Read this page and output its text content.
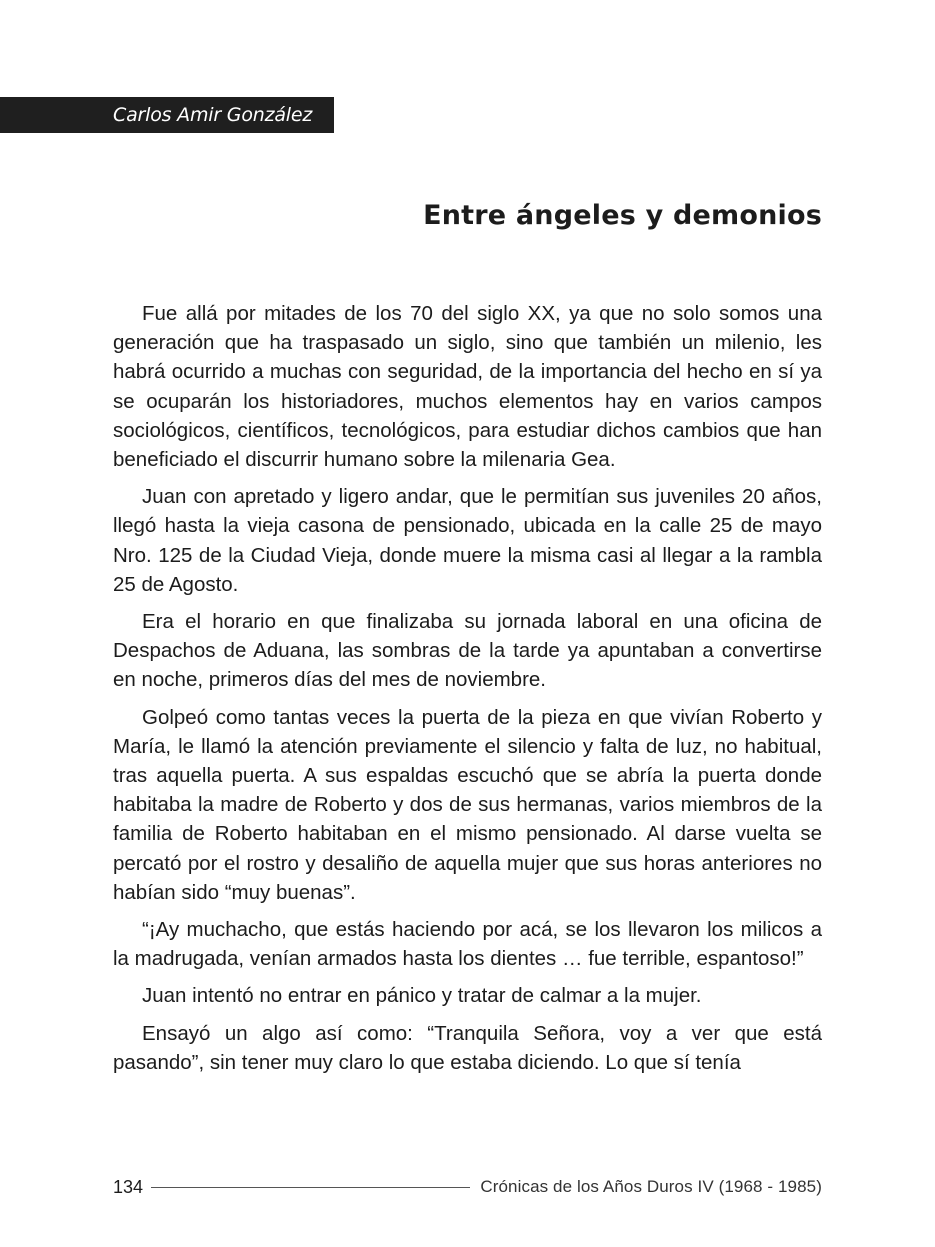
Carlos Amir González
Entre ángeles y demonios

Fue allá por mitades de los 70 del siglo XX, ya que no solo somos una generación que ha traspasado un siglo, sino que también un milenio, les habrá ocurrido a muchas con seguridad, de la importancia del hecho en sí ya se ocuparán los historiadores, muchos elementos hay en varios campos sociológicos, científicos, tecnológicos, para estudiar dichos cambios que han beneficiado el discurrir humano sobre la milenaria Gea.

Juan con apretado y ligero andar, que le permitían sus juveniles 20 años, llegó hasta la vieja casona de pensionado, ubicada en la calle 25 de mayo Nro. 125 de la Ciudad Vieja, donde muere la misma casi al llegar a la rambla 25 de Agosto.

Era el horario en que finalizaba su jornada laboral en una oficina de Despachos de Aduana, las sombras de la tarde ya apuntaban a convertirse en noche, primeros días del mes de noviembre.

Golpeó como tantas veces la puerta de la pieza en que vivían Roberto y María, le llamó la atención previamente el silencio y falta de luz, no habitual, tras aquella puerta. A sus espaldas escuchó que se abría la puerta donde habitaba la madre de Roberto y dos de sus hermanas, varios miembros de la familia de Roberto habitaban en el mismo pensionado. Al darse vuelta se percató por el rostro y desaliño de aquella mujer que sus horas anteriores no habían sido “muy buenas”.

“¡Ay muchacho, que estás haciendo por acá, se los llevaron los milicos a la madrugada, venían armados hasta los dientes … fue terrible, espantoso!”

Juan intentó no entrar en pánico y tratar de calmar a la mujer.

Ensayó un algo así como: “Tranquila Señora, voy a ver que está pasando”, sin tener muy claro lo que estaba diciendo. Lo que sí tenía

134	Crónicas de los Años Duros IV (1968 - 1985)
